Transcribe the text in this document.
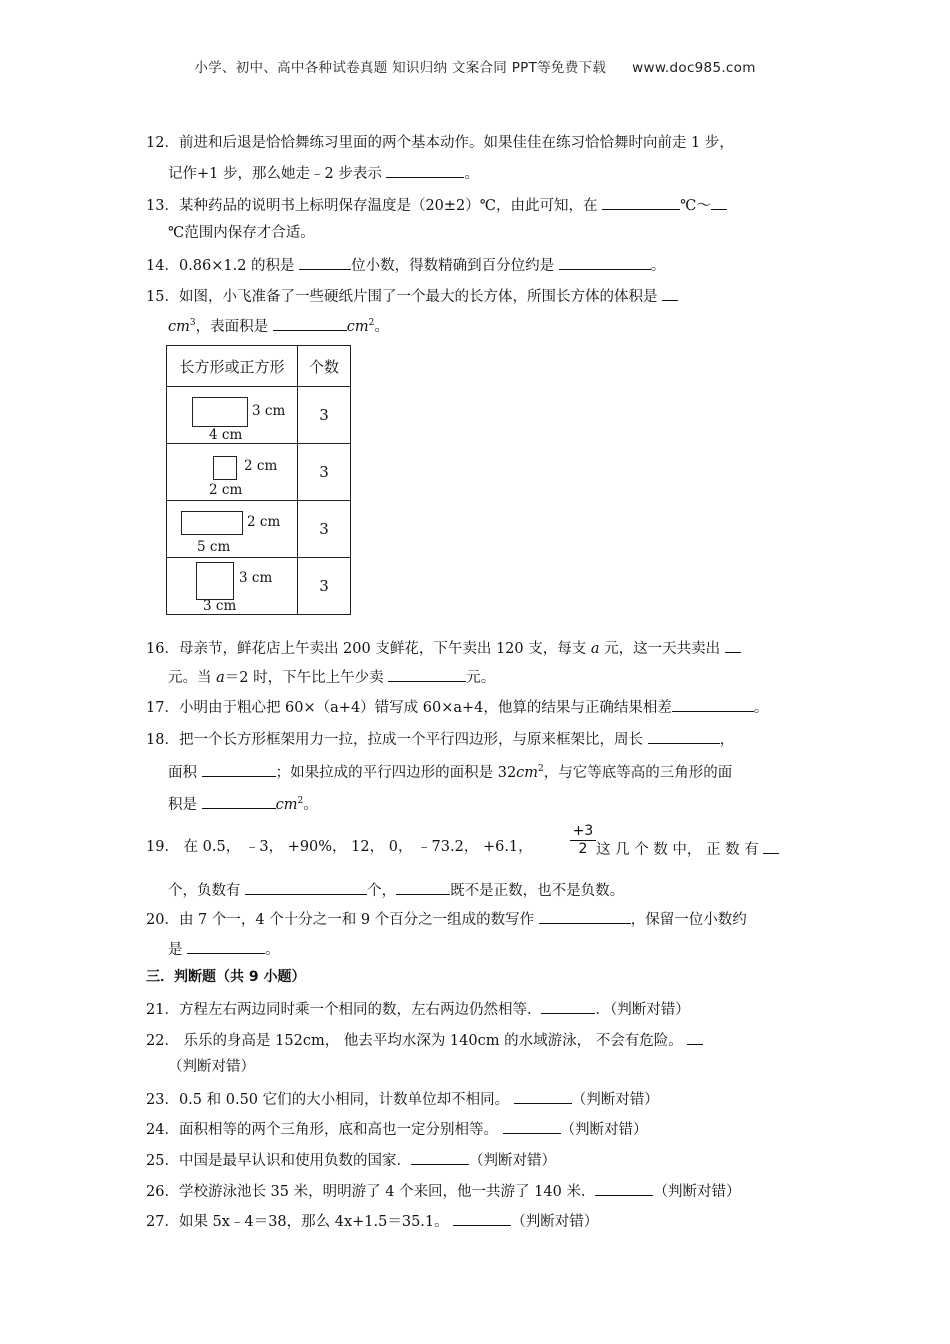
小学、初中、高中各种试卷真题 知识归纳 文案合同 PPT等免费下载 www.doc985.com
12．前进和后退是恰恰舞练习里面的两个基本动作。如果佳佳在练习恰恰舞时向前走 1 步，
记作+1 步，那么她走﹣2 步表示	。
13．某种药品的说明书上标明保存温度是（20±2）℃，由此可知，在	℃～
℃范围内保存才合适。
14．0.86×1.2 的积是	位小数，得数精确到百分位约是	。
15．如图，小飞准备了一些硬纸片围了一个最大的长方体，所围长方体的体积是
$cm^3$，表面积是	$cm^2$。
长方形或正方形	个数

3 cm
4 cm	3

2 cm
2 cm	3

2 cm
5 cm	3

3 cm
3 cm	3
16．母亲节，鲜花店上午卖出 200 支鲜花，下午卖出 120 支，每支 a 元，这一天共卖出
元。当 a＝2 时，下午比上午少卖	元。
17．小明由于粗心把 60×（a+4）错写成 60×a+4，他算的结果与正确结果相差	。
18．把一个长方形框架用力一拉，拉成一个平行四边形，与原来框架比，周长	，
面积	；如果拉成的平行四边形的面积是 $32cm^2$，与它等底等高的三角形的面
积是	$cm^2$。
19． 在 0.5， ﹣3， +90%， 12， 0， ﹣73.2， +6.1，	$\frac{+3}{2}$ 这 几 个 数 中， 正 数 有
个，负数有	个，	既不是正数，也不是负数。
20．由 7 个一，4 个十分之一和 9 个百分之一组成的数写作	，保留一位小数约
是	。
三．判断题（共 9 小题）
21．方程左右两边同时乘一个相同的数，左右两边仍然相等．	．（判断对错）
22． 乐乐的身高是 152cm， 他去平均水深为 140cm 的水域游泳， 不会有危险。
（判断对错）
23．0.5 和 0.50 它们的大小相同，计数单位却不相同。	（判断对错）
24．面积相等的两个三角形，底和高也一定分别相等。	（判断对错）
25．中国是最早认识和使用负数的国家．	（判断对错）
26．学校游泳池长 35 米，明明游了 4 个来回，他一共游了 140 米．	（判断对错）
27．如果 5x﹣4＝38，那么 4x+1.5＝35.1。	（判断对错）
